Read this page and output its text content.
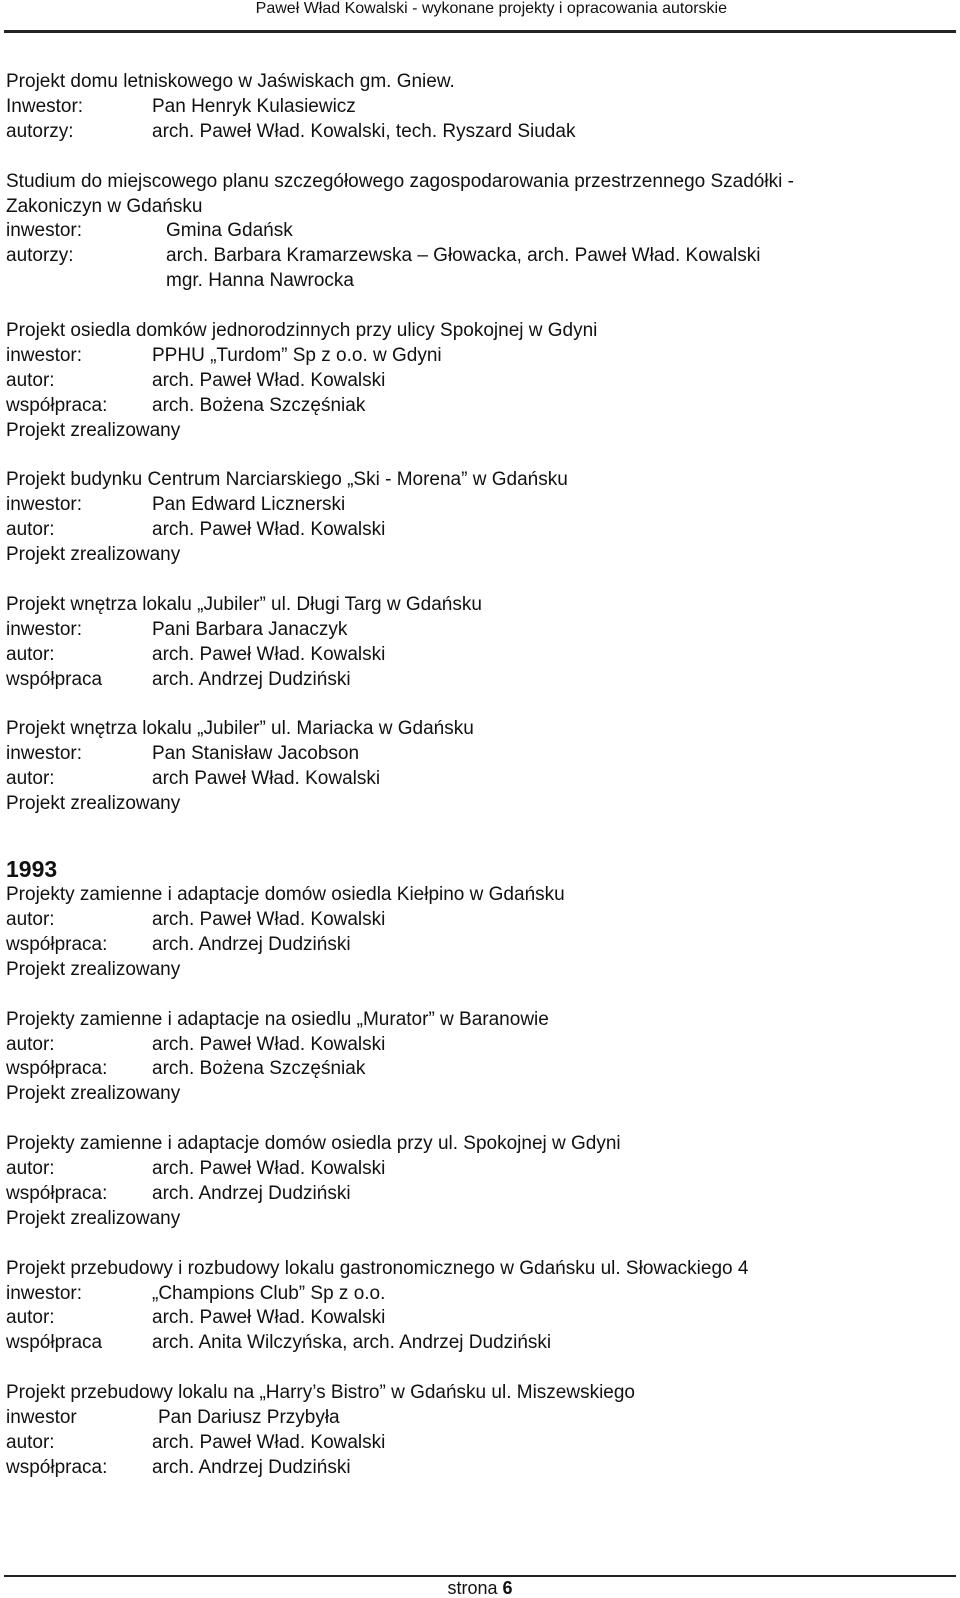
Paweł Wład Kowalski - wykonane projekty i opracowania autorskie
Projekt domu letniskowego w Jaświskach gm. Gniew.
Inwestor:	Pan Henryk Kulasiewicz
autorzy:	arch. Paweł Wład. Kowalski, tech. Ryszard Siudak
Studium do miejscowego planu szczegółowego zagospodarowania przestrzennego Szadółki -
Zakoniczyn w Gdańsku
inwestor:	Gmina Gdańsk
autorzy:	arch. Barbara Kramarzewska – Głowacka, arch. Paweł Wład. Kowalski
mgr. Hanna Nawrocka
Projekt osiedla domków jednorodzinnych przy ulicy Spokojnej w Gdyni
inwestor:	PPHU „Turdom” Sp z o.o. w Gdyni
autor:	arch. Paweł Wład. Kowalski
współpraca:	arch. Bożena Szczęśniak
Projekt zrealizowany
Projekt budynku Centrum Narciarskiego „Ski - Morena” w Gdańsku
inwestor:	Pan Edward Licznerski
autor:	arch. Paweł Wład. Kowalski
Projekt zrealizowany
Projekt wnętrza lokalu „Jubiler” ul. Długi Targ w Gdańsku
inwestor:	Pani Barbara Janaczyk
autor:	arch. Paweł Wład. Kowalski
współpraca	arch. Andrzej Dudziński
Projekt wnętrza lokalu „Jubiler” ul. Mariacka w Gdańsku
inwestor:	Pan Stanisław Jacobson
autor:	arch Paweł Wład. Kowalski
Projekt zrealizowany
1993
Projekty zamienne i adaptacje domów osiedla Kiełpino w Gdańsku
autor:	arch. Paweł Wład. Kowalski
współpraca:	arch. Andrzej Dudziński
Projekt zrealizowany
Projekty zamienne i adaptacje na osiedlu „Murator” w Baranowie
autor:	arch. Paweł Wład. Kowalski
współpraca:	arch. Bożena Szczęśniak
Projekt zrealizowany
Projekty zamienne i adaptacje domów osiedla przy ul. Spokojnej w Gdyni
autor:	arch. Paweł Wład. Kowalski
współpraca:	arch. Andrzej Dudziński
Projekt zrealizowany
Projekt przebudowy i rozbudowy lokalu gastronomicznego w Gdańsku ul. Słowackiego 4
inwestor:	„Champions Club” Sp z o.o.
autor:	arch. Paweł Wład. Kowalski
współpraca	arch. Anita Wilczyńska, arch. Andrzej Dudziński
Projekt przebudowy lokalu na „Harry’s Bistro” w Gdańsku ul. Miszewskiego
inwestor	Pan Dariusz Przybyła
autor:	arch. Paweł Wład. Kowalski
współpraca:	arch. Andrzej Dudziński
strona 6
